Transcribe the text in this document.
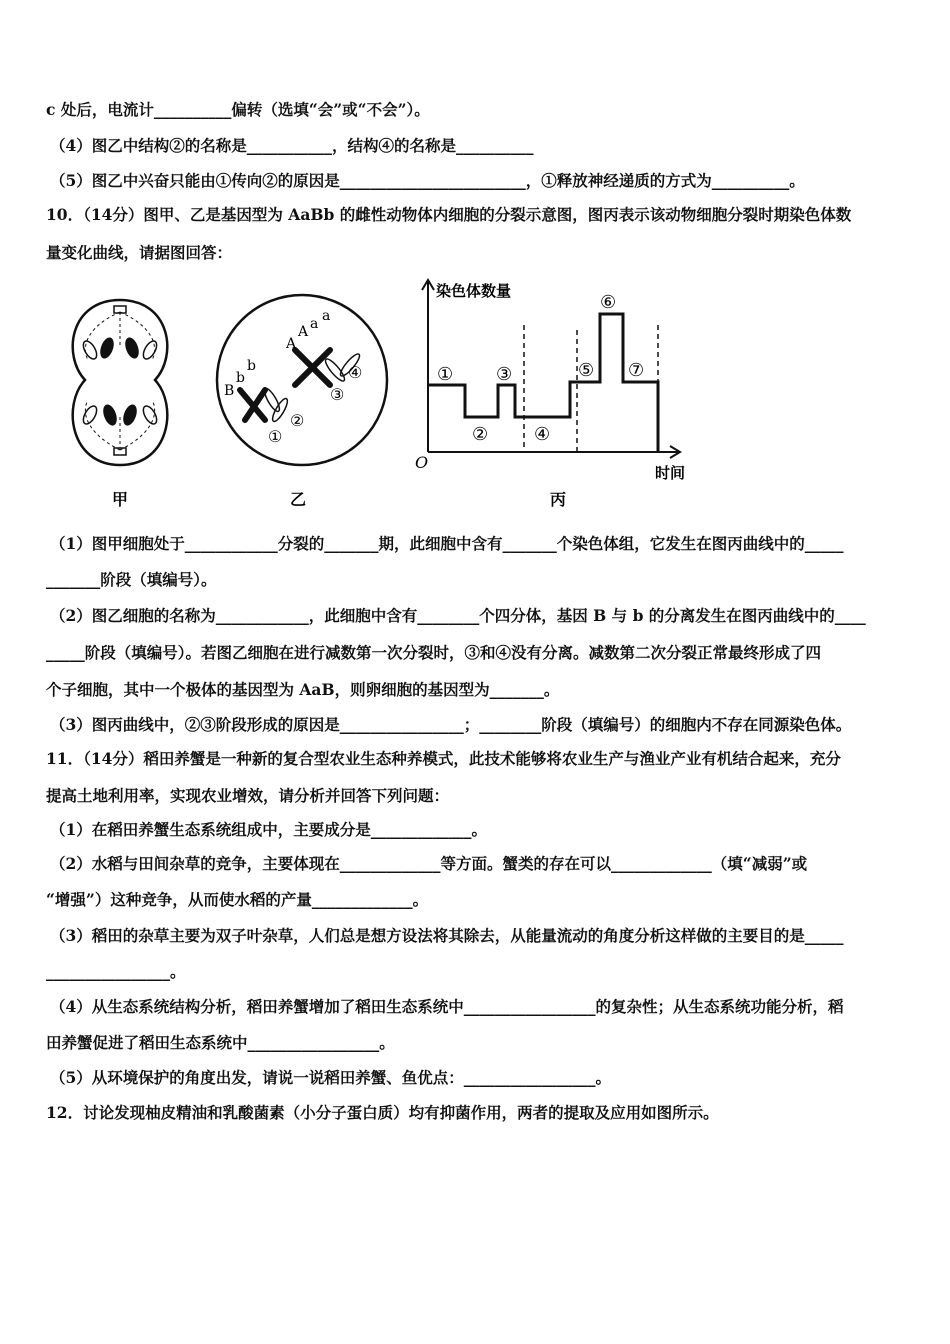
c 处后，电流计__________偏转（选填“会”或“不会”）。
（4）图乙中结构②的名称是___________，结构④的名称是__________
（5）图乙中兴奋只能由①传向②的原因是________________________，①释放神经递质的方式为__________。
10．（14分）图甲、乙是基因型为 AaBb 的雌性动物体内细胞的分裂示意图，图丙表示该动物细胞分裂时期染色体数
量变化曲线，请据图回答：
甲
A
A a a
B
b
b	④
③
②
①
乙
染色体数量
时间
O
①
②
③
④
⑤
⑥
⑦
丙
（1）图甲细胞处于____________分裂的_______期，此细胞中含有_______个染色体组，它发生在图丙曲线中的_____
_______阶段（填编号）。
（2）图乙细胞的名称为____________，此细胞中含有________个四分体，基因 B 与 b 的分离发生在图丙曲线中的____
_____阶段（填编号）。若图乙细胞在进行减数第一次分裂时，③和④没有分离。减数第二次分裂正常最终形成了四
个子细胞，其中一个极体的基因型为 AaB，则卵细胞的基因型为_______。
（3）图丙曲线中，②③阶段形成的原因是________________；________阶段（填编号）的细胞内不存在同源染色体。
11．（14分）稻田养蟹是一种新的复合型农业生态种养模式，此技术能够将农业生产与渔业产业有机结合起来，充分
提高土地利用率，实现农业增效，请分析并回答下列问题：
（1）在稻田养蟹生态系统组成中，主要成分是_____________。
（2）水稻与田间杂草的竞争，主要体现在_____________等方面。蟹类的存在可以_____________（填“减弱”或
“增强”）这种竞争，从而使水稻的产量_____________。
（3）稻田的杂草主要为双子叶杂草，人们总是想方设法将其除去，从能量流动的角度分析这样做的主要目的是_____
________________。
（4）从生态系统结构分析，稻田养蟹增加了稻田生态系统中_________________的复杂性；从生态系统功能分析，稻
田养蟹促进了稻田生态系统中_________________。
（5）从环境保护的角度出发，请说一说稻田养蟹、鱼优点：_________________。
12．讨论发现柚皮精油和乳酸菌素（小分子蛋白质）均有抑菌作用，两者的提取及应用如图所示。
